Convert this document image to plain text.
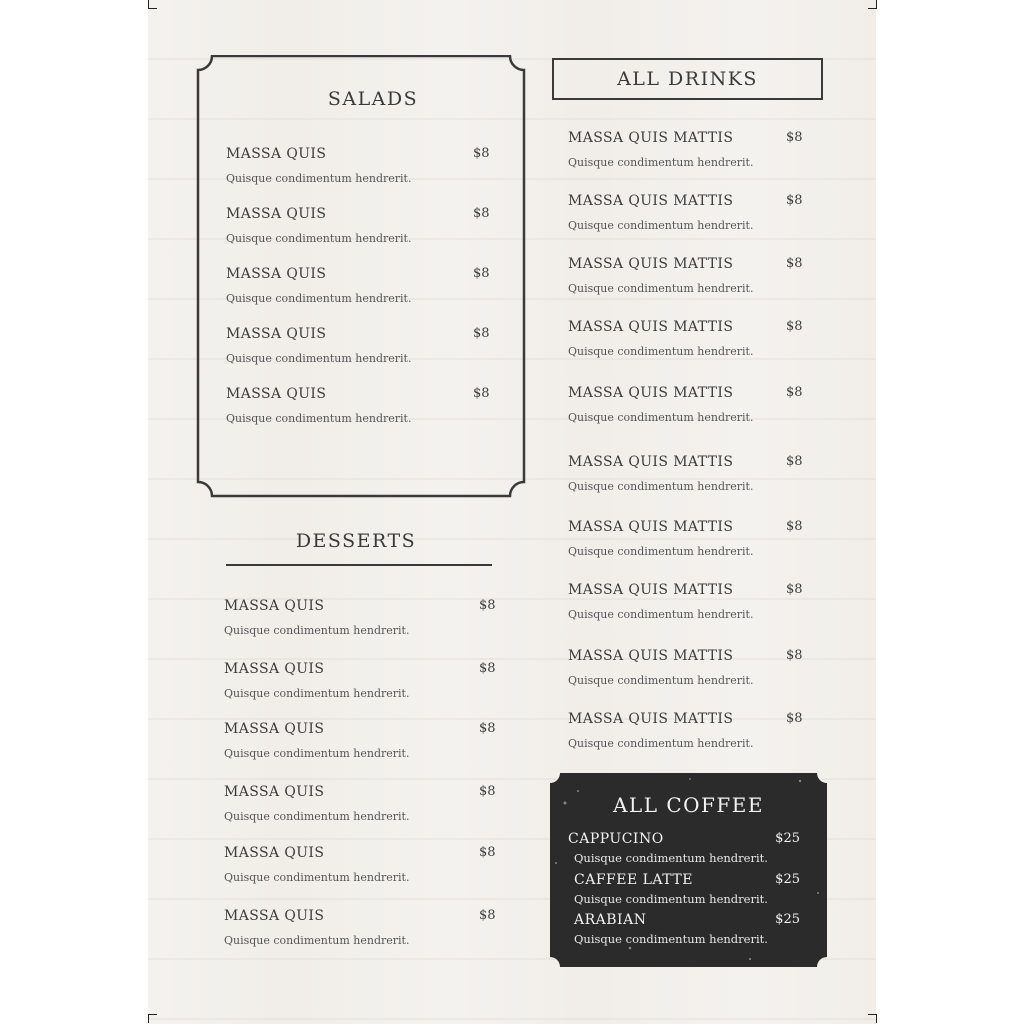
SALADS
MASSA QUIS	$8
Quisque condimentum hendrerit.
MASSA QUIS	$8
Quisque condimentum hendrerit.
MASSA QUIS	$8
Quisque condimentum hendrerit.
MASSA QUIS	$8
Quisque condimentum hendrerit.
MASSA QUIS	$8
Quisque condimentum hendrerit.
DESSERTS
MASSA QUIS	$8
Quisque condimentum hendrerit.
MASSA QUIS	$8
Quisque condimentum hendrerit.
MASSA QUIS	$8
Quisque condimentum hendrerit.
MASSA QUIS	$8
Quisque condimentum hendrerit.
MASSA QUIS	$8
Quisque condimentum hendrerit.
MASSA QUIS	$8
Quisque condimentum hendrerit.
ALL DRINKS
MASSA QUIS MATTIS	$8
Quisque condimentum hendrerit.
MASSA QUIS MATTIS	$8
Quisque condimentum hendrerit.
MASSA QUIS MATTIS	$8
Quisque condimentum hendrerit.
MASSA QUIS MATTIS	$8
Quisque condimentum hendrerit.
MASSA QUIS MATTIS	$8
Quisque condimentum hendrerit.
MASSA QUIS MATTIS	$8
Quisque condimentum hendrerit.
MASSA QUIS MATTIS	$8
Quisque condimentum hendrerit.
MASSA QUIS MATTIS	$8
Quisque condimentum hendrerit.
MASSA QUIS MATTIS	$8
Quisque condimentum hendrerit.
MASSA QUIS MATTIS	$8
Quisque condimentum hendrerit.
ALL COFFEE
CAPPUCINO	$25
Quisque condimentum hendrerit.
CAFFEE LATTE	$25
Quisque condimentum hendrerit.
ARABIAN	$25
Quisque condimentum hendrerit.
